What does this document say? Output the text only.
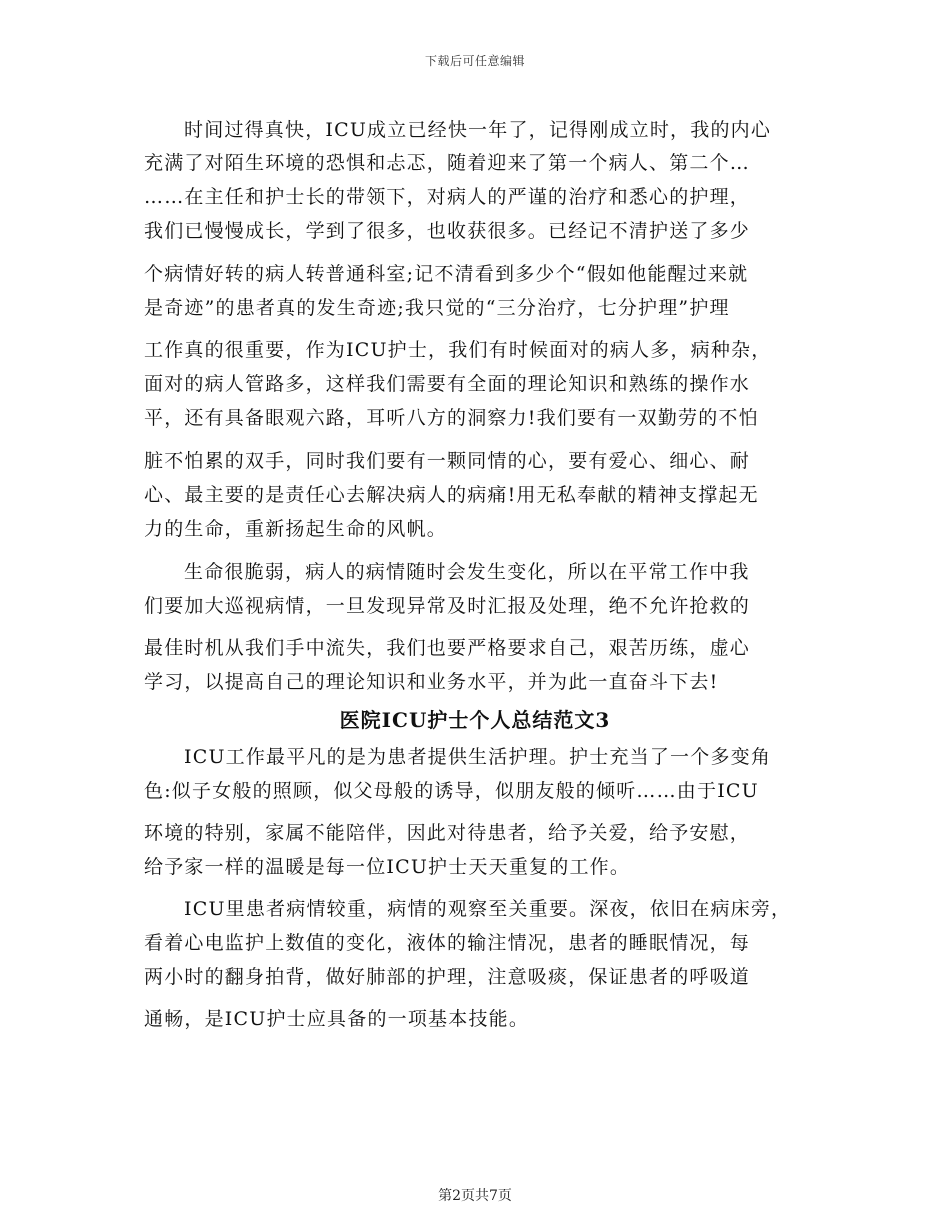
下载后可任意编辑
时间过得真快，ICU成立已经快一年了，记得刚成立时，我的内心
充满了对陌生环境的恐惧和忐忑，随着迎来了第一个病人、第二个…
……在主任和护士长的带领下，对病人的严谨的治疗和悉心的护理，
我们已慢慢成长，学到了很多，也收获很多。已经记不清护送了多少
个病情好转的病人转普通科室;记不清看到多少个“假如他能醒过来就
是奇迹”的患者真的发生奇迹;我只觉的“三分治疗，七分护理”护理
工作真的很重要，作为ICU护士，我们有时候面对的病人多，病种杂，
面对的病人管路多，这样我们需要有全面的理论知识和熟练的操作水
平，还有具备眼观六路，耳听八方的洞察力!我们要有一双勤劳的不怕
脏不怕累的双手，同时我们要有一颗同情的心，要有爱心、细心、耐
心、最主要的是责任心去解决病人的病痛!用无私奉献的精神支撑起无
力的生命，重新扬起生命的风帆。
生命很脆弱，病人的病情随时会发生变化，所以在平常工作中我
们要加大巡视病情，一旦发现异常及时汇报及处理，绝不允许抢救的
最佳时机从我们手中流失，我们也要严格要求自己，艰苦历练，虚心
学习，以提高自己的理论知识和业务水平，并为此一直奋斗下去!
医院ICU护士个人总结范文3
ICU工作最平凡的是为患者提供生活护理。护士充当了一个多变角
色:似子女般的照顾，似父母般的诱导，似朋友般的倾听……由于ICU
环境的特别，家属不能陪伴，因此对待患者，给予关爱，给予安慰，
给予家一样的温暖是每一位ICU护士天天重复的工作。
ICU里患者病情较重，病情的观察至关重要。深夜，依旧在病床旁，
看着心电监护上数值的变化，液体的输注情况，患者的睡眠情况，每
两小时的翻身拍背，做好肺部的护理，注意吸痰，保证患者的呼吸道
通畅，是ICU护士应具备的一项基本技能。
第2页共7页
